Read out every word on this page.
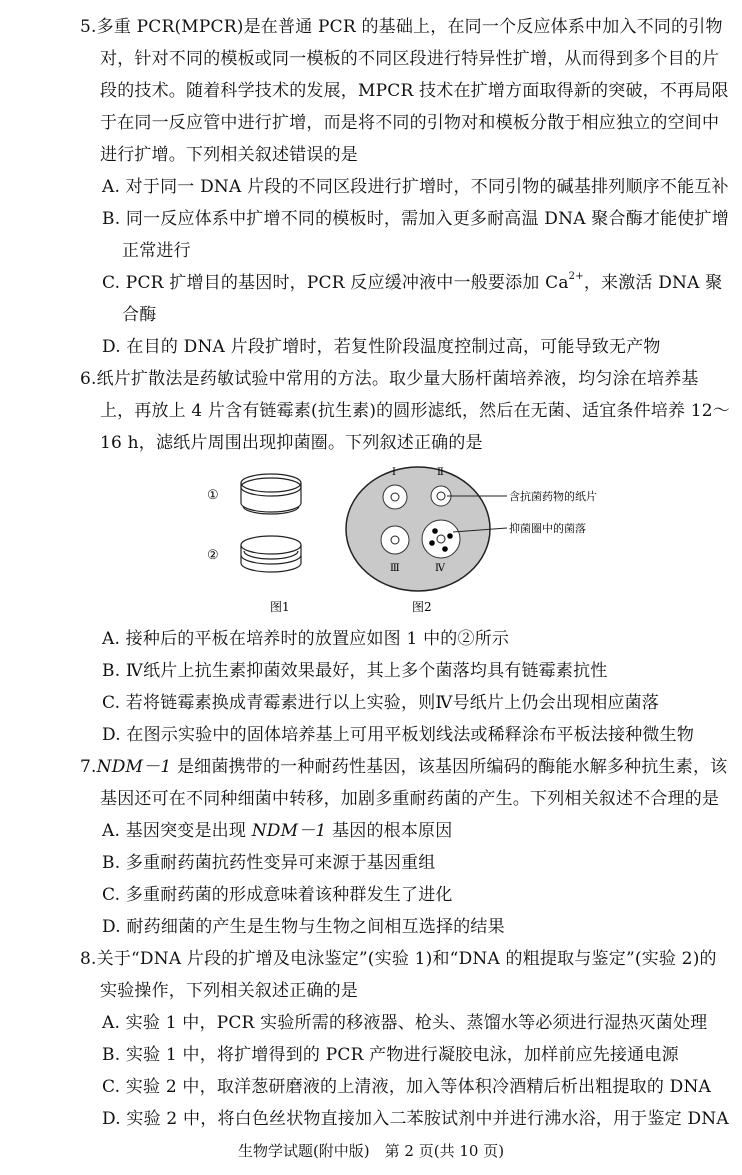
5.多重 PCR(MPCR)是在普通 PCR 的基础上，在同一个反应体系中加入不同的引物
对，针对不同的模板或同一模板的不同区段进行特异性扩增，从而得到多个目的片
段的技术。随着科学技术的发展，MPCR 技术在扩增方面取得新的突破，不再局限
于在同一反应管中进行扩增，而是将不同的引物对和模板分散于相应独立的空间中
进行扩增。下列相关叙述错误的是
A. 对于同一 DNA 片段的不同区段进行扩增时，不同引物的碱基排列顺序不能互补
B. 同一反应体系中扩增不同的模板时，需加入更多耐高温 DNA 聚合酶才能使扩增
正常进行
C. PCR 扩增目的基因时，PCR 反应缓冲液中一般要添加 $Ca^{2+}$，来激活 DNA 聚
合酶
D. 在目的 DNA 片段扩增时，若复性阶段温度控制过高，可能导致无产物
6.纸片扩散法是药敏试验中常用的方法。取少量大肠杆菌培养液，均匀涂在培养基
上，再放上 4 片含有链霉素(抗生素)的圆形滤纸，然后在无菌、适宜条件培养 12～
16 h，滤纸片周围出现抑菌圈。下列叙述正确的是
①
②
图1
Ⅰ	Ⅱ
Ⅲ	Ⅳ
含抗菌药物的纸片
抑菌圈中的菌落
图2
A. 接种后的平板在培养时的放置应如图 1 中的②所示
B. Ⅳ纸片上抗生素抑菌效果最好，其上多个菌落均具有链霉素抗性
C. 若将链霉素换成青霉素进行以上实验，则Ⅳ号纸片上仍会出现相应菌落
D. 在图示实验中的固体培养基上可用平板划线法或稀释涂布平板法接种微生物
7.NDM－1 是细菌携带的一种耐药性基因，该基因所编码的酶能水解多种抗生素，该
基因还可在不同种细菌中转移，加剧多重耐药菌的产生。下列相关叙述不合理的是
A. 基因突变是出现 NDM－1 基因的根本原因
B. 多重耐药菌抗药性变异可来源于基因重组
C. 多重耐药菌的形成意味着该种群发生了进化
D. 耐药细菌的产生是生物与生物之间相互选择的结果
8.关于“DNA 片段的扩增及电泳鉴定”(实验 1)和“DNA 的粗提取与鉴定”(实验 2)的
实验操作，下列相关叙述正确的是
A. 实验 1 中，PCR 实验所需的移液器、枪头、蒸馏水等必须进行湿热灭菌处理
B. 实验 1 中，将扩增得到的 PCR 产物进行凝胶电泳，加样前应先接通电源
C. 实验 2 中，取洋葱研磨液的上清液，加入等体积冷酒精后析出粗提取的 DNA
D. 实验 2 中，将白色丝状物直接加入二苯胺试剂中并进行沸水浴，用于鉴定 DNA
生物学试题(附中版)　第 2 页(共 10 页)
